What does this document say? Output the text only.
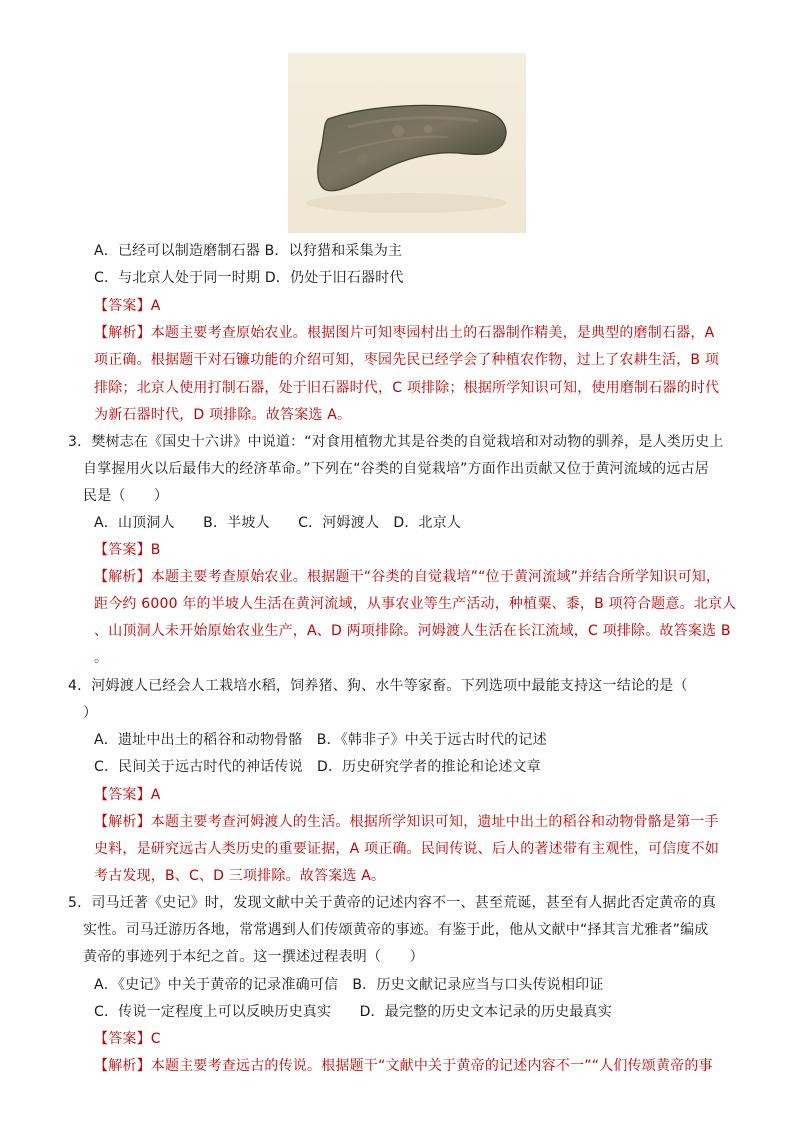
A．已经可以制造磨制石器 B．以狩猎和采集为主
C．与北京人处于同一时期 D．仍处于旧石器时代
【答案】A
【解析】本题主要考查原始农业。根据图片可知枣园村出土的石器制作精美，是典型的磨制石器，A
项正确。根据题干对石镰功能的介绍可知，枣园先民已经学会了种植农作物，过上了农耕生活，B 项
排除；北京人使用打制石器，处于旧石器时代，C 项排除；根据所学知识可知，使用磨制石器的时代
为新石器时代，D 项排除。故答案选 A。
3．樊树志在《国史十六讲》中说道：“对食用植物尤其是谷类的自觉栽培和对动物的驯养，是人类历史上
自掌握用火以后最伟大的经济革命。”下列在“谷类的自觉栽培”方面作出贡献又位于黄河流域的远古居
民是（　　）
A．山顶洞人　　B．半坡人　　C．河姆渡人　D．北京人
【答案】B
【解析】本题主要考查原始农业。根据题干“谷类的自觉栽培”“位于黄河流域”并结合所学知识可知，
距今约 6000 年的半坡人生活在黄河流域，从事农业等生产活动，种植粟、黍，B 项符合题意。北京人
、山顶洞人未开始原始农业生产，A、D 两项排除。河姆渡人生活在长江流域，C 项排除。故答案选 B
。
4．河姆渡人已经会人工栽培水稻，饲养猪、狗、水牛等家畜。下列选项中最能支持这一结论的是（
）
A．遗址中出土的稻谷和动物骨骼　B．《韩非子》中关于远古时代的记述
C．民间关于远古时代的神话传说　D．历史研究学者的推论和论述文章
【答案】A
【解析】本题主要考查河姆渡人的生活。根据所学知识可知，遗址中出土的稻谷和动物骨骼是第一手
史料，是研究远古人类历史的重要证据，A 项正确。民间传说、后人的著述带有主观性，可信度不如
考古发现，B、C、D 三项排除。故答案选 A。
5．司马迁著《史记》时，发现文献中关于黄帝的记述内容不一、甚至荒诞，甚至有人据此否定黄帝的真
实性。司马迁游历各地，常常遇到人们传颂黄帝的事迹。有鉴于此，他从文献中“择其言尤雅者”编成
黄帝的事迹列于本纪之首。这一撰述过程表明（　　）
A．《史记》中关于黄帝的记录准确可信　B．历史文献记录应当与口头传说相印证
C．传说一定程度上可以反映历史真实　　D．最完整的历史文本记录的历史最真实
【答案】C
【解析】本题主要考查远古的传说。根据题干“文献中关于黄帝的记述内容不一”“人们传颂黄帝的事
